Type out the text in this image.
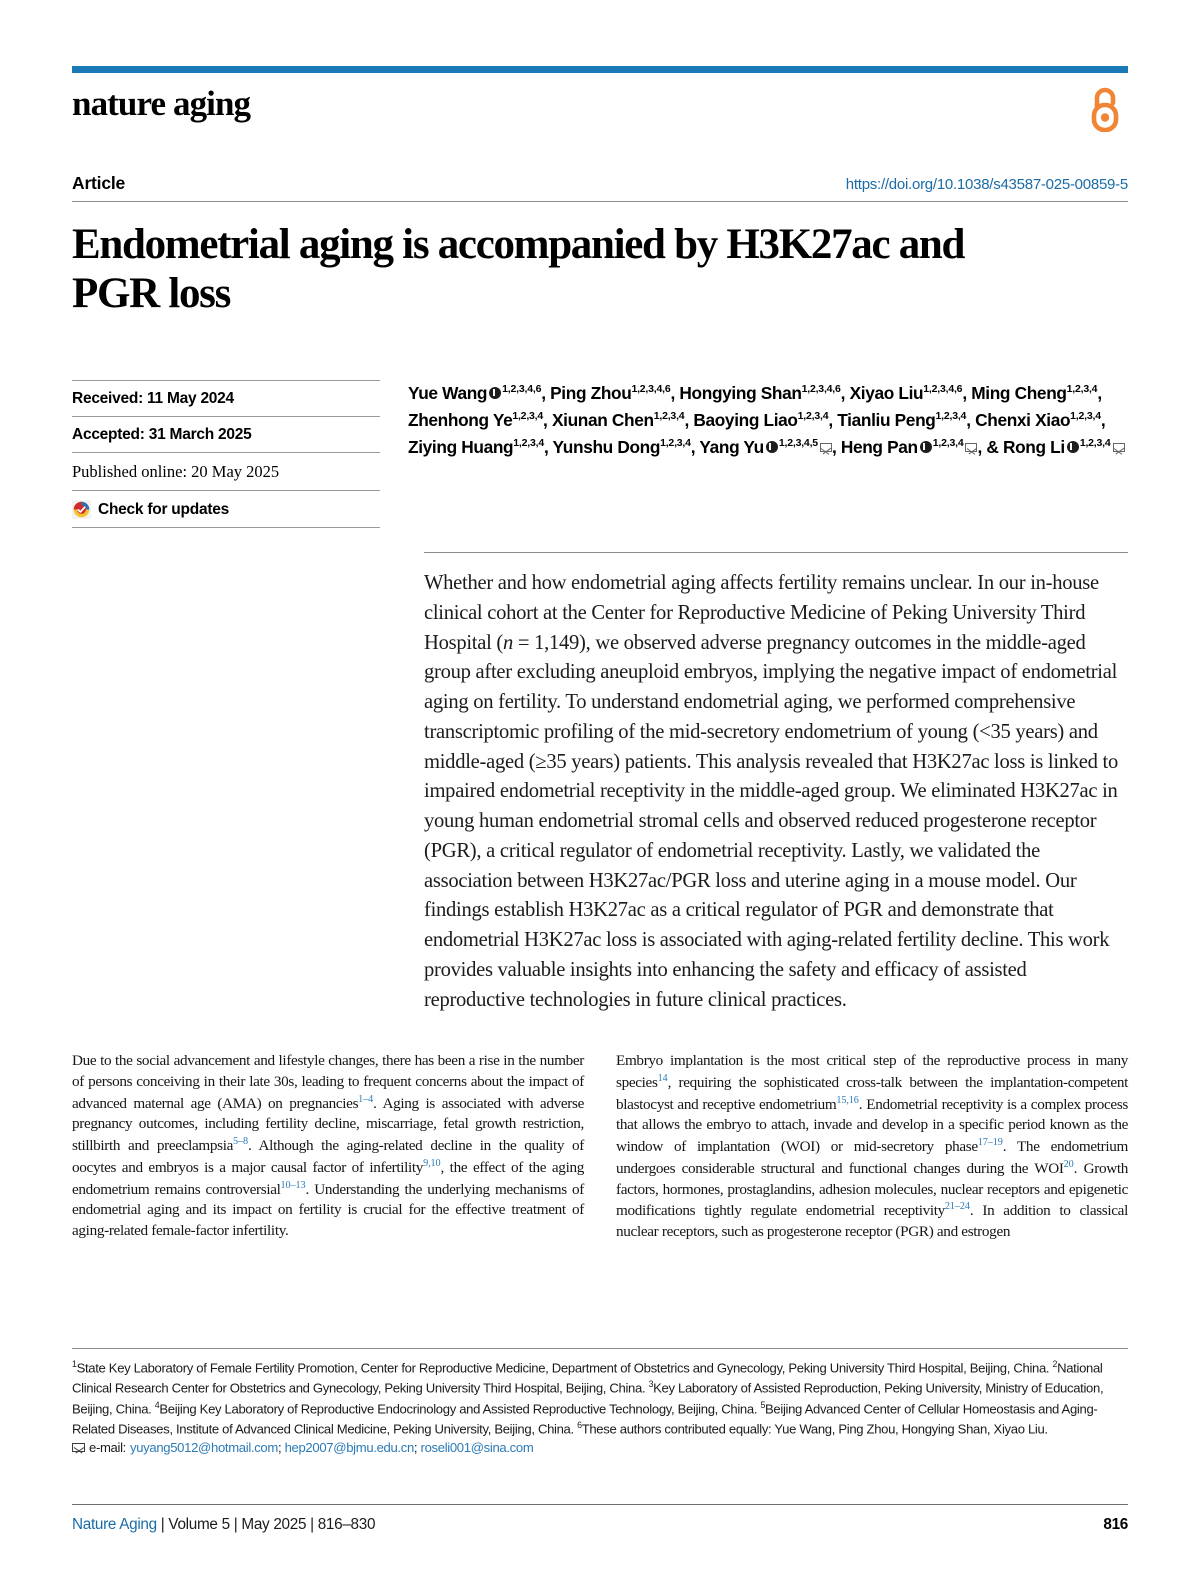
nature aging
Article	https://doi.org/10.1038/s43587-025-00859-5
Endometrial aging is accompanied by H3K27ac and PGR loss
Received: 11 May 2024
Accepted: 31 March 2025
Published online: 20 May 2025
Check for updates
Yue Wang $^{1,2,3,4,6}$, Ping Zhou$^{1,2,3,4,6}$, Hongying Shan$^{1,2,3,4,6}$, Xiyao Liu$^{1,2,3,4,6}$, Ming Cheng$^{1,2,3,4}$, Zhenhong Ye$^{1,2,3,4}$, Xiunan Chen$^{1,2,3,4}$, Baoying Liao$^{1,2,3,4}$, Tianliu Peng$^{1,2,3,4}$, Chenxi Xiao$^{1,2,3,4}$, Ziying Huang$^{1,2,3,4}$, Yunshu Dong$^{1,2,3,4}$, Yang Yu $^{1,2,3,4,5}$ , Heng Pan $^{1,2,3,4}$ , & Rong Li $^{1,2,3,4}$
Whether and how endometrial aging affects fertility remains unclear. In our in-house clinical cohort at the Center for Reproductive Medicine of Peking University Third Hospital (n = 1,149), we observed adverse pregnancy outcomes in the middle-aged group after excluding aneuploid embryos, implying the negative impact of endometrial aging on fertility. To understand endometrial aging, we performed comprehensive transcriptomic profiling of the mid-secretory endometrium of young (<35 years) and middle-aged (≥35 years) patients. This analysis revealed that H3K27ac loss is linked to impaired endometrial receptivity in the middle-aged group. We eliminated H3K27ac in young human endometrial stromal cells and observed reduced progesterone receptor (PGR), a critical regulator of endometrial receptivity. Lastly, we validated the association between H3K27ac/PGR loss and uterine aging in a mouse model. Our findings establish H3K27ac as a critical regulator of PGR and demonstrate that endometrial H3K27ac loss is associated with aging-related fertility decline. This work provides valuable insights into enhancing the safety and efficacy of assisted reproductive technologies in future clinical practices.
Due to the social advancement and lifestyle changes, there has been a rise in the number of persons conceiving in their late 30s, leading to frequent concerns about the impact of advanced maternal age (AMA) on pregnancies$^{1-4}$. Aging is associated with adverse pregnancy outcomes, including fertility decline, miscarriage, fetal growth restriction, stillbirth and preeclampsia$^{5-8}$. Although the aging-related decline in the quality of oocytes and embryos is a major causal factor of infertility$^{9,10}$, the effect of the aging endometrium remains controversial$^{10-13}$. Understanding the underlying mechanisms of endometrial aging and its impact on fertility is crucial for the effective treatment of aging-related female-factor infertility.
Embryo implantation is the most critical step of the reproductive process in many species$^{14}$, requiring the sophisticated cross-talk between the implantation-competent blastocyst and receptive endometrium$^{15,16}$. Endometrial receptivity is a complex process that allows the embryo to attach, invade and develop in a specific period known as the window of implantation (WOI) or mid-secretory phase$^{17-19}$. The endometrium undergoes considerable structural and functional changes during the WOI$^{20}$. Growth factors, hormones, prostaglandins, adhesion molecules, nuclear receptors and epigenetic modifications tightly regulate endometrial receptivity$^{21-24}$. In addition to classical nuclear receptors, such as progesterone receptor (PGR) and estrogen
$^1$State Key Laboratory of Female Fertility Promotion, Center for Reproductive Medicine, Department of Obstetrics and Gynecology, Peking University Third Hospital, Beijing, China. $^2$National Clinical Research Center for Obstetrics and Gynecology, Peking University Third Hospital, Beijing, China. $^3$Key Laboratory of Assisted Reproduction, Peking University, Ministry of Education, Beijing, China. $^4$Beijing Key Laboratory of Reproductive Endocrinology and Assisted Reproductive Technology, Beijing, China. $^5$Beijing Advanced Center of Cellular Homeostasis and Aging-Related Diseases, Institute of Advanced Clinical Medicine, Peking University, Beijing, China. $^6$These authors contributed equally: Yue Wang, Ping Zhou, Hongying Shan, Xiyao Liu.
e-mail: yuyang5012@hotmail.com; hep2007@bjmu.edu.cn; roseli001@sina.com
Nature Aging | Volume 5 | May 2025 | 816–830	816
